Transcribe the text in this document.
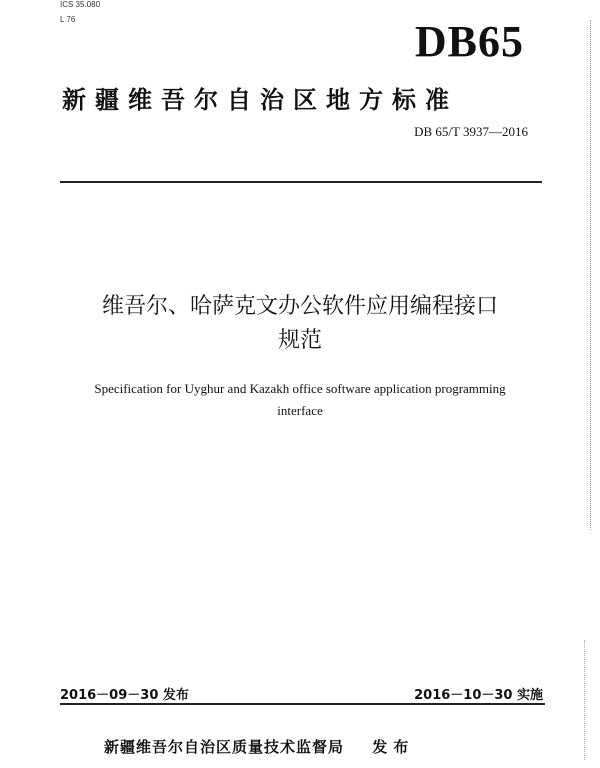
ICS 35.080
L 76	DB65
新疆维吾尔自治区地方标准
DB 65/T 3937—2016
维吾尔、哈萨克文办公软件应用编程接口
规范
Specification for Uyghur and Kazakh office software application programming
interface
2016－09－30 发布	2016－10－30 实施
新疆维吾尔自治区质量技术监督局 发布
